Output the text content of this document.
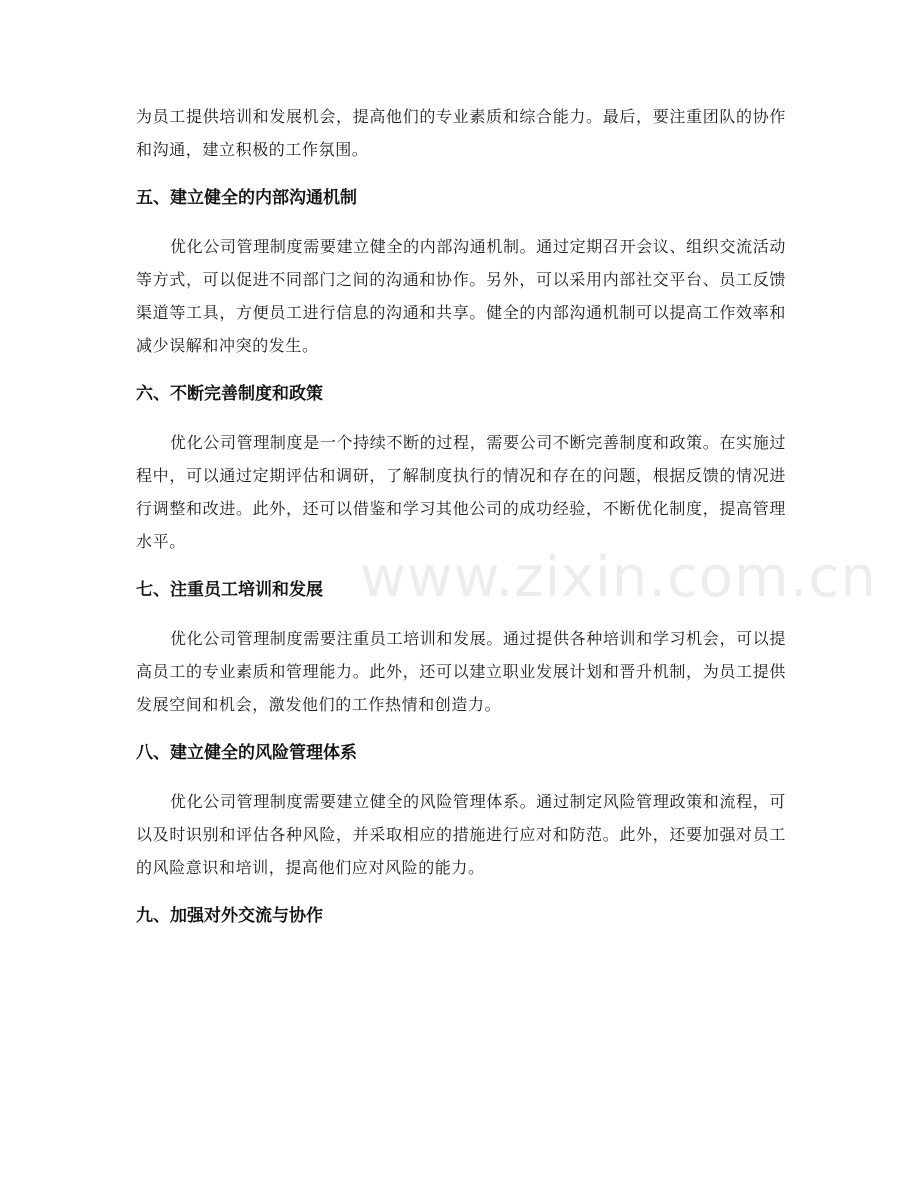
为员工提供培训和发展机会，提高他们的专业素质和综合能力。最后，要注重团队的协作和沟通，建立积极的工作氛围。

五、建立健全的内部沟通机制

优化公司管理制度需要建立健全的内部沟通机制。通过定期召开会议、组织交流活动等方式，可以促进不同部门之间的沟通和协作。另外，可以采用内部社交平台、员工反馈渠道等工具，方便员工进行信息的沟通和共享。健全的内部沟通机制可以提高工作效率和减少误解和冲突的发生。

六、不断完善制度和政策

优化公司管理制度是一个持续不断的过程，需要公司不断完善制度和政策。在实施过程中，可以通过定期评估和调研，了解制度执行的情况和存在的问题，根据反馈的情况进行调整和改进。此外，还可以借鉴和学习其他公司的成功经验，不断优化制度，提高管理水平。

七、注重员工培训和发展

优化公司管理制度需要注重员工培训和发展。通过提供各种培训和学习机会，可以提高员工的专业素质和管理能力。此外，还可以建立职业发展计划和晋升机制，为员工提供发展空间和机会，激发他们的工作热情和创造力。

八、建立健全的风险管理体系

优化公司管理制度需要建立健全的风险管理体系。通过制定风险管理政策和流程，可以及时识别和评估各种风险，并采取相应的措施进行应对和防范。此外，还要加强对员工的风险意识和培训，提高他们应对风险的能力。

九、加强对外交流与协作
www.zixin.com.cn
